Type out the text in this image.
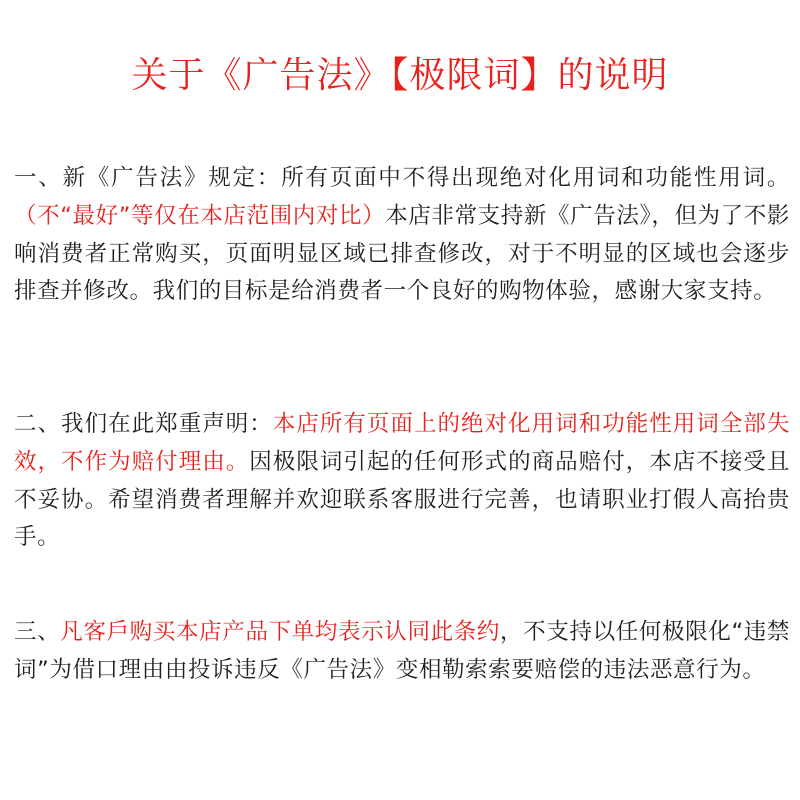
关于《广告法》【极限词】的说明
一、新《广告法》规定：所有页面中不得出现绝对化用词和功能性用词。（不“最好”等仅在本店范围内对比）本店非常支持新《广告法》，但为了不影响消费者正常购买，页面明显区域已排查修改，对于不明显的区域也会逐步排查并修改。我们的目标是给消费者一个良好的购物体验，感谢大家支持。
二、我们在此郑重声明：本店所有页面上的绝对化用词和功能性用词全部失效，不作为赔付理由。因极限词引起的任何形式的商品赔付，本店不接受且不妥协。希望消费者理解并欢迎联系客服进行完善，也请职业打假人高抬贵手。
三、凡客戶购买本店产品下单均表示认同此条约，不支持以任何极限化“违禁词”为借口理由由投诉违反《广告法》变相勒索索要赔偿的违法恶意行为。
